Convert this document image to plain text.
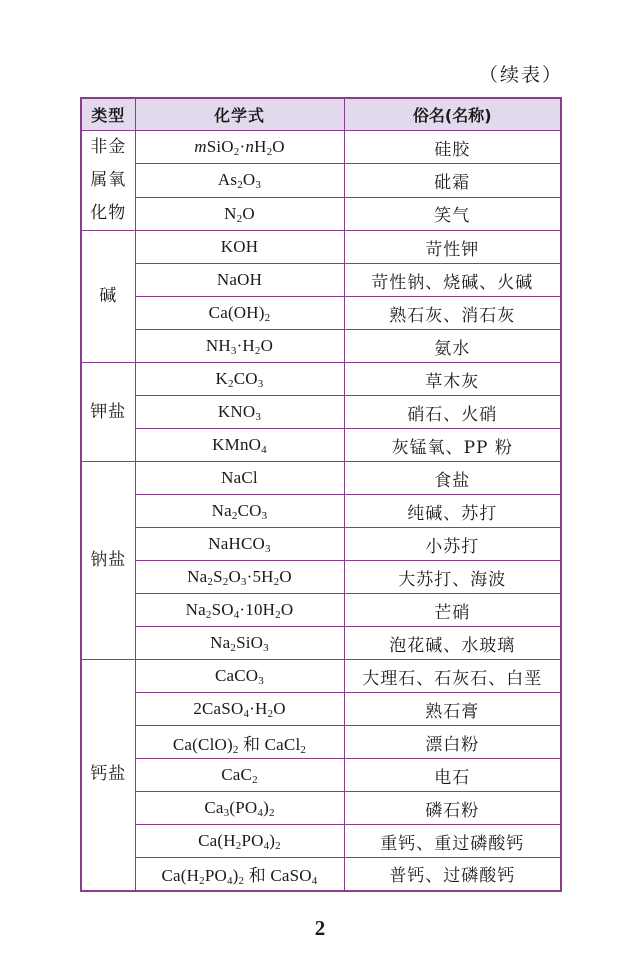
（续表）
类型	化学式	俗名(名称)

非金
属氧
化物	$mSiO_2\cdot nH_2O$	硅胶
	$As_2O_3$	砒霜
	$N_2O$	笑气

碱	KOH	苛性钾
	NaOH	苛性钠、烧碱、火碱
	$Ca(OH)_2$	熟石灰、消石灰
	$NH_3\cdot H_2O$	氨水

钾盐	$K_2CO_3$	草木灰
	$KNO_3$	硝石、火硝
	KMnO$_4$	灰锰氧、PP 粉

钠盐	NaCl	食盐
	$Na_2CO_3$	纯碱、苏打
	NaHCO$_3$	小苏打
	$Na_2S_2O_3\cdot 5H_2O$	大苏打、海波
	$Na_2SO_4\cdot 10H_2O$	芒硝
	$Na_2SiO_3$	泡花碱、水玻璃

钙盐	CaCO$_3$	大理石、石灰石、白垩
	$2CaSO_4\cdot H_2O$	熟石膏
	$Ca(ClO)_2$ 和 CaCl$_2$	漂白粉
	CaC$_2$	电石
	$Ca_3(PO_4)_2$	磷石粉
	$Ca(H_2PO_4)_2$	重钙、重过磷酸钙
	$Ca(H_2PO_4)_2$ 和 CaSO$_4$	普钙、过磷酸钙
2
